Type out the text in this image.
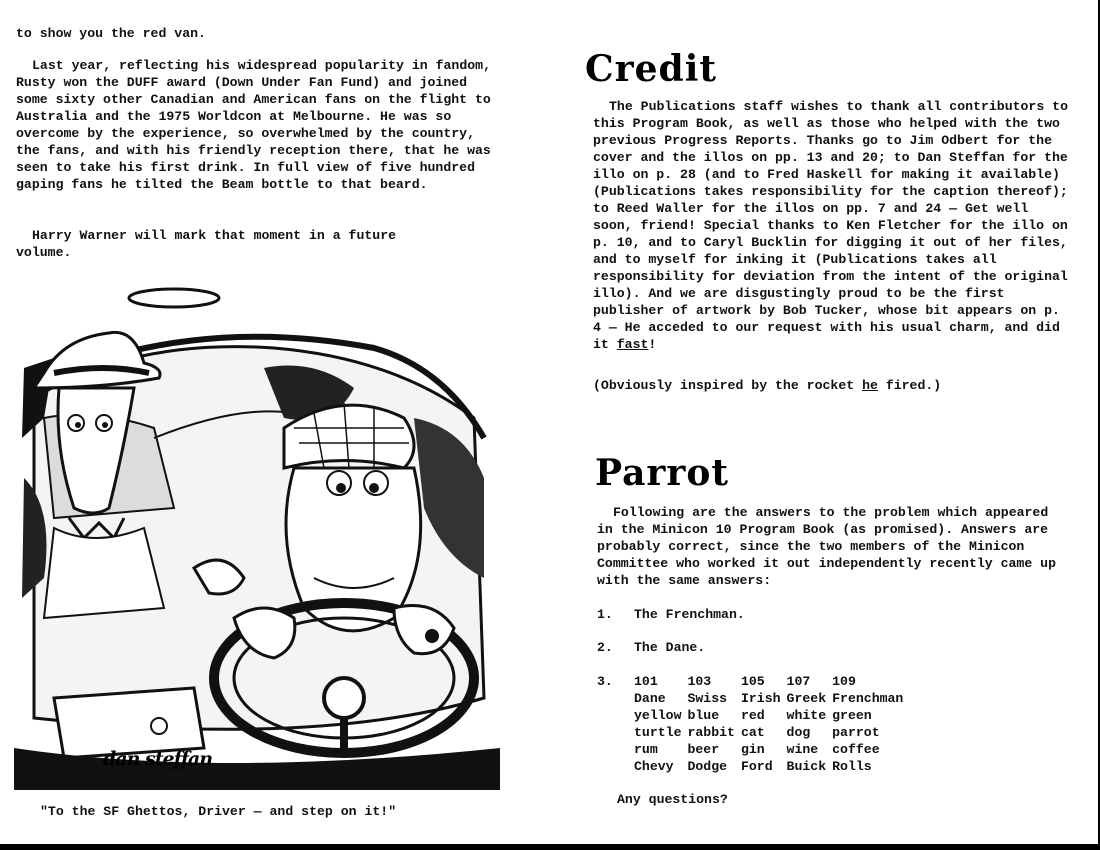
to show you the red van.

Last year, reflecting his widespread popularity in fandom, Rusty won the DUFF award (Down Under Fan Fund) and joined some sixty other Canadian and American fans on the flight to Australia and the 1975 Worldcon at Melbourne. He was so overcome by the experience, so overwhelmed by the country, the fans, and with his friendly reception there, that he was seen to take his first drink. In full view of five hundred gaping fans he tilted the Beam bottle to that beard.

Harry Warner will mark that moment in a future volume.

dan steffan
"To the SF Ghettos, Driver — and step on it!"
Credit

The Publications staff wishes to thank all contributors to this Program Book, as well as those who helped with the two previous Progress Reports. Thanks go to Jim Odbert for the cover and the illos on pp. 13 and 20; to Dan Steffan for the illo on p. 28 (and to Fred Haskell for making it available)(Publications takes responsibility for the caption thereof); to Reed Waller for the illos on pp. 7 and 24 — Get well soon, friend! Special thanks to Ken Fletcher for the illo on p. 10, and to Caryl Bucklin for digging it out of her files, and to myself for inking it (Publications takes all responsibility for deviation from the intent of the original illo). And we are disgustingly proud to be the first publisher of artwork by Bob Tucker, whose bit appears on p. 4 — He acceded to our request with his usual charm, and did it fast!

(Obviously inspired by the rocket he fired.)

Parrot

Following are the answers to the problem which appeared in the Minicon 10 Program Book (as promised). Answers are probably correct, since the two members of the Minicon Committee who worked it out independently recently came up with the same answers:

1. The Frenchman.
2. The Dane.
3. 101	103	105	107	109
Dane	Swiss	Irish	Greek	Frenchman
yellow	blue	red	white	green
turtle	rabbit	cat	dog	parrot
rum	beer	gin	wine	coffee
Chevy	Dodge	Ford	Buick	Rolls
Any questions?
